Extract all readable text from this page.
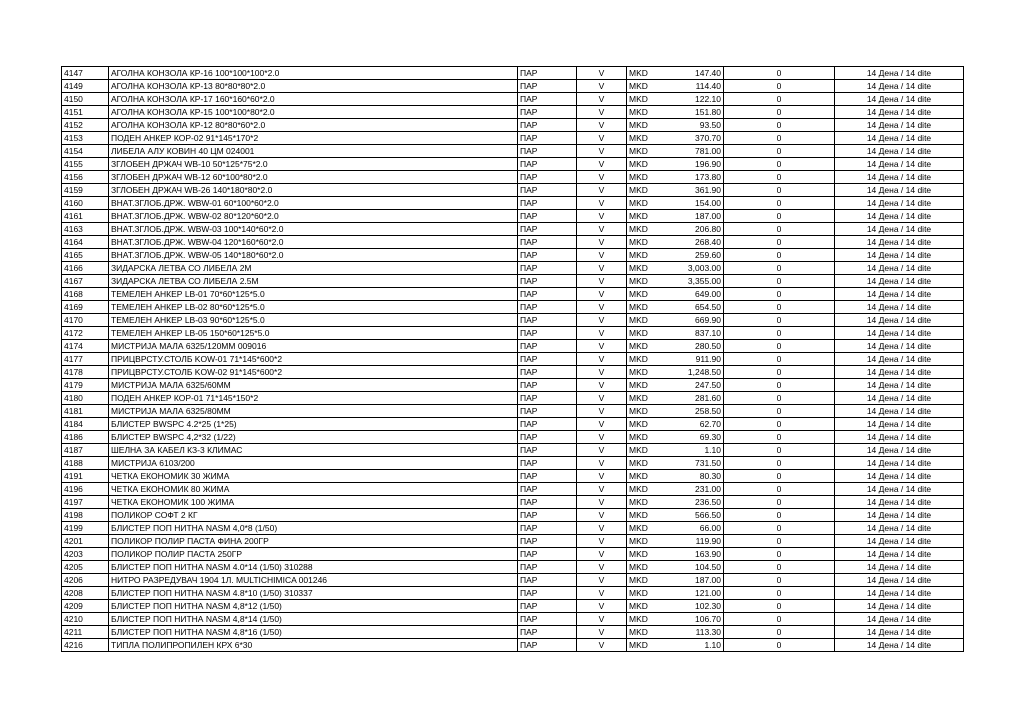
4147	АГОЛНА КОНЗОЛА КР-16 100*100*100*2.0	ПАР	V	MKD	147.40	0	14 Дена / 14 dite
4149	АГОЛНА КОНЗОЛА КР-13 80*80*80*2.0	ПАР	V	MKD	114.40	0	14 Дена / 14 dite
4150	АГОЛНА КОНЗОЛА КР-17 160*160*60*2.0	ПАР	V	MKD	122.10	0	14 Дена / 14 dite
4151	АГОЛНА КОНЗОЛА КР-15 100*100*80*2.0	ПАР	V	MKD	151.80	0	14 Дена / 14 dite
4152	АГОЛНА КОНЗОЛА КР-12 80*80*60*2.0	ПАР	V	MKD	93.50	0	14 Дена / 14 dite
4153	ПОДЕН АНКЕР КОР-02 91*145*170*2	ПАР	V	MKD	370.70	0	14 Дена / 14 dite
4154	ЛИБЕЛА АЛУ КОВИН 40 ЦМ 024001	ПАР	V	MKD	781.00	0	14 Дена / 14 dite
4155	ЗГЛОБЕН ДРЖАЧ WB-10 50*125*75*2.0	ПАР	V	MKD	196.90	0	14 Дена / 14 dite
4156	ЗГЛОБЕН ДРЖАЧ WB-12 60*100*80*2.0	ПАР	V	MKD	173.80	0	14 Дена / 14 dite
4159	ЗГЛОБЕН ДРЖАЧ WB-26 140*180*80*2.0	ПАР	V	MKD	361.90	0	14 Дена / 14 dite
4160	ВНАТ.ЗГЛОБ.ДРЖ. WBW-01 60*100*60*2.0	ПАР	V	MKD	154.00	0	14 Дена / 14 dite
4161	ВНАТ.ЗГЛОБ.ДРЖ. WBW-02 80*120*60*2.0	ПАР	V	MKD	187.00	0	14 Дена / 14 dite
4163	ВНАТ.ЗГЛОБ.ДРЖ. WBW-03 100*140*60*2.0	ПАР	V	MKD	206.80	0	14 Дена / 14 dite
4164	ВНАТ.ЗГЛОБ.ДРЖ. WBW-04 120*160*60*2.0	ПАР	V	MKD	268.40	0	14 Дена / 14 dite
4165	ВНАТ.ЗГЛОБ.ДРЖ. WBW-05 140*180*60*2.0	ПАР	V	MKD	259.60	0	14 Дена / 14 dite
4166	ЗИДАРСКА ЛЕТВА СО ЛИБЕЛА 2M	ПАР	V	MKD	3,003.00	0	14 Дена / 14 dite
4167	ЗИДАРСКА ЛЕТВА СО ЛИБЕЛА 2.5M	ПАР	V	MKD	3,355.00	0	14 Дена / 14 dite
4168	ТЕМЕЛЕН АНКЕР LB-01 70*60*125*5.0	ПАР	V	MKD	649.00	0	14 Дена / 14 dite
4169	ТЕМЕЛЕН АНКЕР LB-02 80*60*125*5.0	ПАР	V	MKD	654.50	0	14 Дена / 14 dite
4170	ТЕМЕЛЕН АНКЕР LB-03 90*60*125*5.0	ПАР	V	MKD	669.90	0	14 Дена / 14 dite
4172	ТЕМЕЛЕН АНКЕР LB-05 150*60*125*5.0	ПАР	V	MKD	837.10	0	14 Дена / 14 dite
4174	МИСТРИЈА МАЛА 6325/120MM 009016	ПАР	V	MKD	280.50	0	14 Дена / 14 dite
4177	ПРИЦВРСТУ.СТОЛБ KOW-01 71*145*600*2	ПАР	V	MKD	911.90	0	14 Дена / 14 dite
4178	ПРИЦВРСТУ.СТОЛБ KOW-02 91*145*600*2	ПАР	V	MKD	1,248.50	0	14 Дена / 14 dite
4179	МИСТРИЈА МАЛА 6325/60MM	ПАР	V	MKD	247.50	0	14 Дена / 14 dite
4180	ПОДЕН АНКЕР КОР-01 71*145*150*2	ПАР	V	MKD	281.60	0	14 Дена / 14 dite
4181	МИСТРИЈА МАЛА 6325/80MM	ПАР	V	MKD	258.50	0	14 Дена / 14 dite
4184	БЛИСТЕР BWSPC 4.2*25 (1*25)	ПАР	V	MKD	62.70	0	14 Дена / 14 dite
4186	БЛИСТЕР BWSPC 4,2*32 (1/22)	ПАР	V	MKD	69.30	0	14 Дена / 14 dite
4187	ШЕЛНА ЗА КАБЕЛ КЗ-3 КЛИМАС	ПАР	V	MKD	1.10	0	14 Дена / 14 dite
4188	МИСТРИЈА 6103/200	ПАР	V	MKD	731.50	0	14 Дена / 14 dite
4191	ЧЕТКА ЕКОНОМИК 30 ЖИМА	ПАР	V	MKD	80.30	0	14 Дена / 14 dite
4196	ЧЕТКА ЕКОНОМИК 80 ЖИМА	ПАР	V	MKD	231.00	0	14 Дена / 14 dite
4197	ЧЕТКА ЕКОНОМИК 100 ЖИМА	ПАР	V	MKD	236.50	0	14 Дена / 14 dite
4198	ПОЛИКОР СОФТ 2 КГ	ПАР	V	MKD	566.50	0	14 Дена / 14 dite
4199	БЛИСТЕР ПОП НИТНА NASM 4,0*8 (1/50)	ПАР	V	MKD	66.00	0	14 Дена / 14 dite
4201	ПОЛИКОР ПОЛИР ПАСТА ФИНА 200ГР	ПАР	V	MKD	119.90	0	14 Дена / 14 dite
4203	ПОЛИКОР ПОЛИР ПАСТА 250ГР	ПАР	V	MKD	163.90	0	14 Дена / 14 dite
4205	БЛИСТЕР ПОП НИТНА NASM 4.0*14 (1/50) 310288	ПАР	V	MKD	104.50	0	14 Дена / 14 dite
4206	НИТРО РАЗРЕДУВАЧ 1904 1Л. MULTICHIMICA 001246	ПАР	V	MKD	187.00	0	14 Дена / 14 dite
4208	БЛИСТЕР ПОП НИТНА NASM 4.8*10 (1/50) 310337	ПАР	V	MKD	121.00	0	14 Дена / 14 dite
4209	БЛИСТЕР ПОП НИТНА NASM 4,8*12 (1/50)	ПАР	V	MKD	102.30	0	14 Дена / 14 dite
4210	БЛИСТЕР ПОП НИТНА NASM 4,8*14 (1/50)	ПАР	V	MKD	106.70	0	14 Дена / 14 dite
4211	БЛИСТЕР ПОП НИТНА NASM 4,8*16 (1/50)	ПАР	V	MKD	113.30	0	14 Дена / 14 dite
4216	ТИПЛА ПОЛИПРОПИЛЕН КРХ 6*30	ПАР	V	MKD	1.10	0	14 Дена / 14 dite
